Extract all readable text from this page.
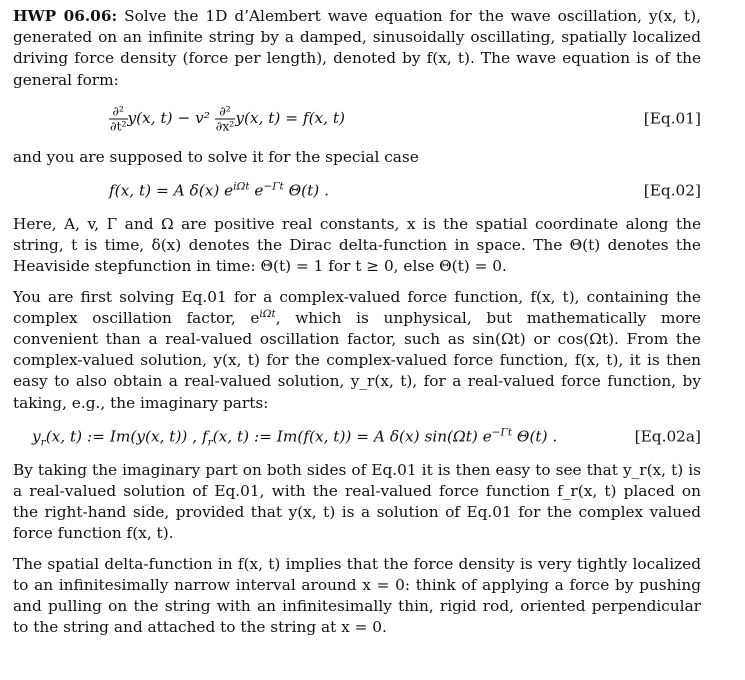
HWP 06.06: Solve the 1D d’Alembert wave equation for the wave oscillation, y(x, t), generated on an infinite string by a damped, sinusoidally oscillating, spatially localized driving force density (force per length), denoted by f(x, t). The wave equation is of the general form:

$\frac{\text{∂²}}{\text{∂t²}} y(x$, $t) - v^2 \frac{\text{∂²}}{\text{∂x²}} y(x$, t) = f(x, t)	[Eq.01]

and you are supposed to solve it for the special case

f(x, t) = A δ(x) $e^{i\Omega t}$ $e^{-\Gamma t}$ Θ(t) .	[Eq.02]

Here, A, v, Γ and Ω are positive real constants, x is the spatial coordinate along the string, t is time, δ(x) denotes the Dirac delta-function in space. The Θ(t) denotes the Heaviside stepfunction in time: Θ(t) = 1 for t ≥ 0, else Θ(t) = 0.

You are first solving Eq.01 for a complex-valued force function, f(x, t), containing the complex oscillation factor, $e^{i\Omega t}$, which is unphysical, but mathematically more convenient than a real-valued oscillation factor, such as sin(Ωt) or cos(Ωt). From the complex-valued solution, y(x, t) for the complex-valued force function, f(x, t), it is then easy to also obtain a real-valued solution, y_r(x, t), for a real-valued force function, by taking, e.g., the imaginary parts:

$y_r(x$, t) := Im(y(x, t)) , $f_r(x$, t) := Im(f(x, t)) = A δ(x) sin(Ωt) $e^{-\Gamma t}$ Θ(t) .	[Eq.02a]

By taking the imaginary part on both sides of Eq.01 it is then easy to see that y_r(x, t) is a real-valued solution of Eq.01, with the real-valued force function f_r(x, t) placed on the right-hand side, provided that y(x, t) is a solution of Eq.01 for the complex valued force function f(x, t).

The spatial delta-function in f(x, t) implies that the force density is very tightly localized to an infinitesimally narrow interval around x = 0: think of applying a force by pushing and pulling on the string with an infinitesimally thin, rigid rod, oriented perpendicular to the string and attached to the string at x = 0.
